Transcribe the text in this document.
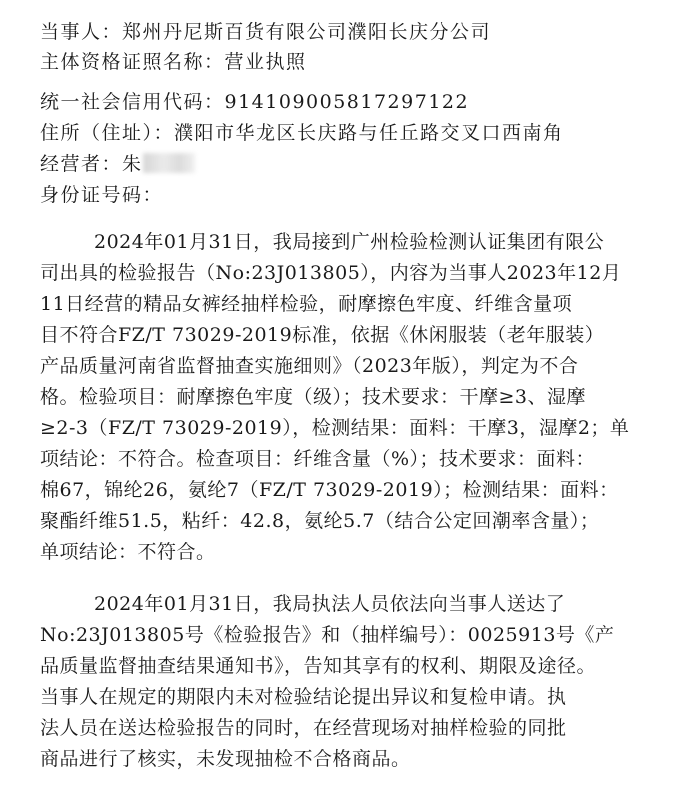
当事人：郑州丹尼斯百货有限公司濮阳长庆分公司
主体资格证照名称：营业执照
统一社会信用代码：91410900581729712​2
住所（住址）：濮阳市华龙区长庆路与任丘路交叉口西南角
经营者：朱
身份证号码：
2024年01月31日，我局接到广州检验检测认证集团有限公
司出具的检验报告（No:23J013805），内容为当事人2023年12月
11日经营的精品女裤经抽样检验，耐摩擦色牢度、纤维含量项
目不符合FZ/T 73029-2019标准，依据《休闲服装（老年服装）
产品质量河南省监督抽查实施细则》（2023年版），判定为不合
格。检验项目：耐摩擦色牢度（级）；技术要求：干摩≥3、湿摩
≥2-3（FZ/T 73029-2019），检测结果：面料：干摩3，湿摩2；单
项结论：不符合。检查项目：纤维含量（%）；技术要求：面料：
棉67，锦纶26，氨纶7（FZ/T 73029-2019）；检测结果：面料：
聚酯纤维51.5，粘纤：42.8，氨纶5.7（结合公定回潮率含量）；
单项结论：不符合。
2024年01月31日，我局执法人员依法向当事人送达了
No:23J013805号《检验报告》和（抽样编号）：0025913号《产
品质量监督抽查结果通知书》，告知其享有的权利、期限及途径。
当事人在规定的期限内未对检验结论提出异议和复检申请。执
法人员在送达检验报告的同时，在经营现场对抽样检验的同批
商品进行了核实，未发现抽检不合格商品。
